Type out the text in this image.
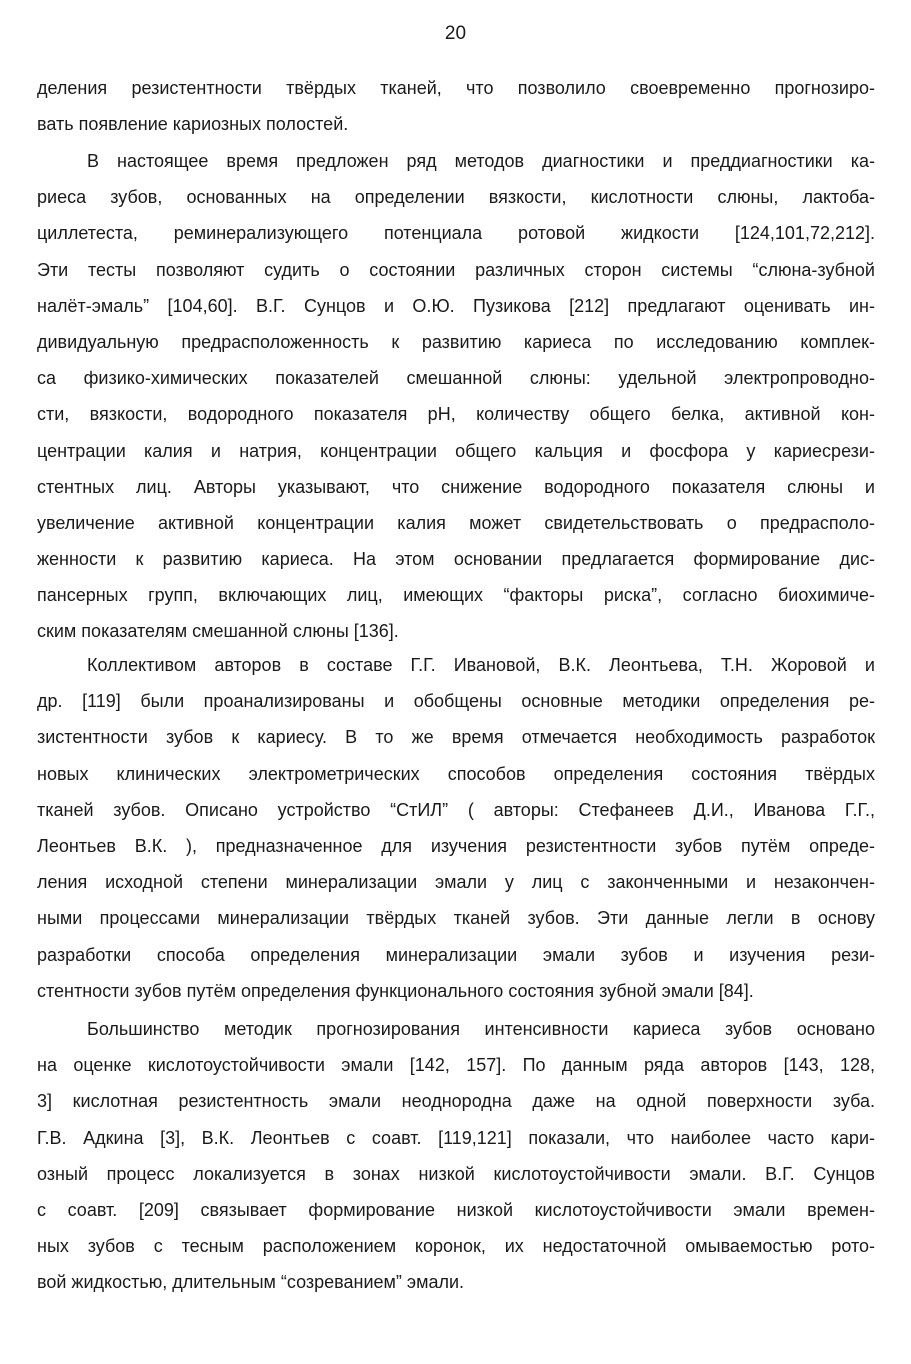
20
деления резистентности твёрдых тканей, что позволило своевременно прогнозиро-
вать появление кариозных полостей.
В настоящее время предложен ряд методов диагностики и преддиагностики ка-
риеса зубов, основанных на определении вязкости, кислотности слюны, лактоба-
циллетеста, реминерализующего потенциала ротовой жидкости [124,101,72,212].
Эти тесты позволяют судить о состоянии различных сторон системы “слюна-зубной
налёт-эмаль” [104,60]. В.Г. Сунцов и О.Ю. Пузикова [212] предлагают оценивать ин-
дивидуальную предрасположенность к развитию кариеса по исследованию комплек-
са физико-химических показателей смешанной слюны: удельной электропроводно-
сти, вязкости, водородного показателя pH, количеству общего белка, активной кон-
центрации калия и натрия, концентрации общего кальция и фосфора у кариесрези-
стентных лиц. Авторы указывают, что снижение водородного показателя слюны и
увеличение активной концентрации калия может свидетельствовать о предрасполо-
женности к развитию кариеса. На этом основании предлагается формирование дис-
пансерных групп, включающих лиц, имеющих “факторы риска”, согласно биохимиче-
ским показателям смешанной слюны [136].
Коллективом авторов в составе Г.Г. Ивановой, В.К. Леонтьева, Т.Н. Жоровой и
др. [119] были проанализированы и обобщены основные методики определения ре-
зистентности зубов к кариесу. В то же время отмечается необходимость разработок
новых клинических электрометрических способов определения состояния твёрдых
тканей зубов. Описано устройство “СтИЛ” ( авторы: Стефанеев Д.И., Иванова Г.Г.,
Леонтьев В.К. ), предназначенное для изучения резистентности зубов путём опреде-
ления исходной степени минерализации эмали у лиц с законченными и незакончен-
ными процессами минерализации твёрдых тканей зубов. Эти данные легли в основу
разработки способа определения минерализации эмали зубов и изучения рези-
стентности зубов путём определения функционального состояния зубной эмали [84].
Большинство методик прогнозирования интенсивности кариеса зубов основано
на оценке кислотоустойчивости эмали [142, 157]. По данным ряда авторов [143, 128,
3] кислотная резистентность эмали неоднородна даже на одной поверхности зуба.
Г.В. Адкина [3], В.К. Леонтьев с соавт. [119,121] показали, что наиболее часто кари-
озный процесс локализуется в зонах низкой кислотоустойчивости эмали. В.Г. Сунцов
с соавт. [209] связывает формирование низкой кислотоустойчивости эмали времен-
ных зубов с тесным расположением коронок, их недостаточной омываемостью рото-
вой жидкостью, длительным “созреванием” эмали.
